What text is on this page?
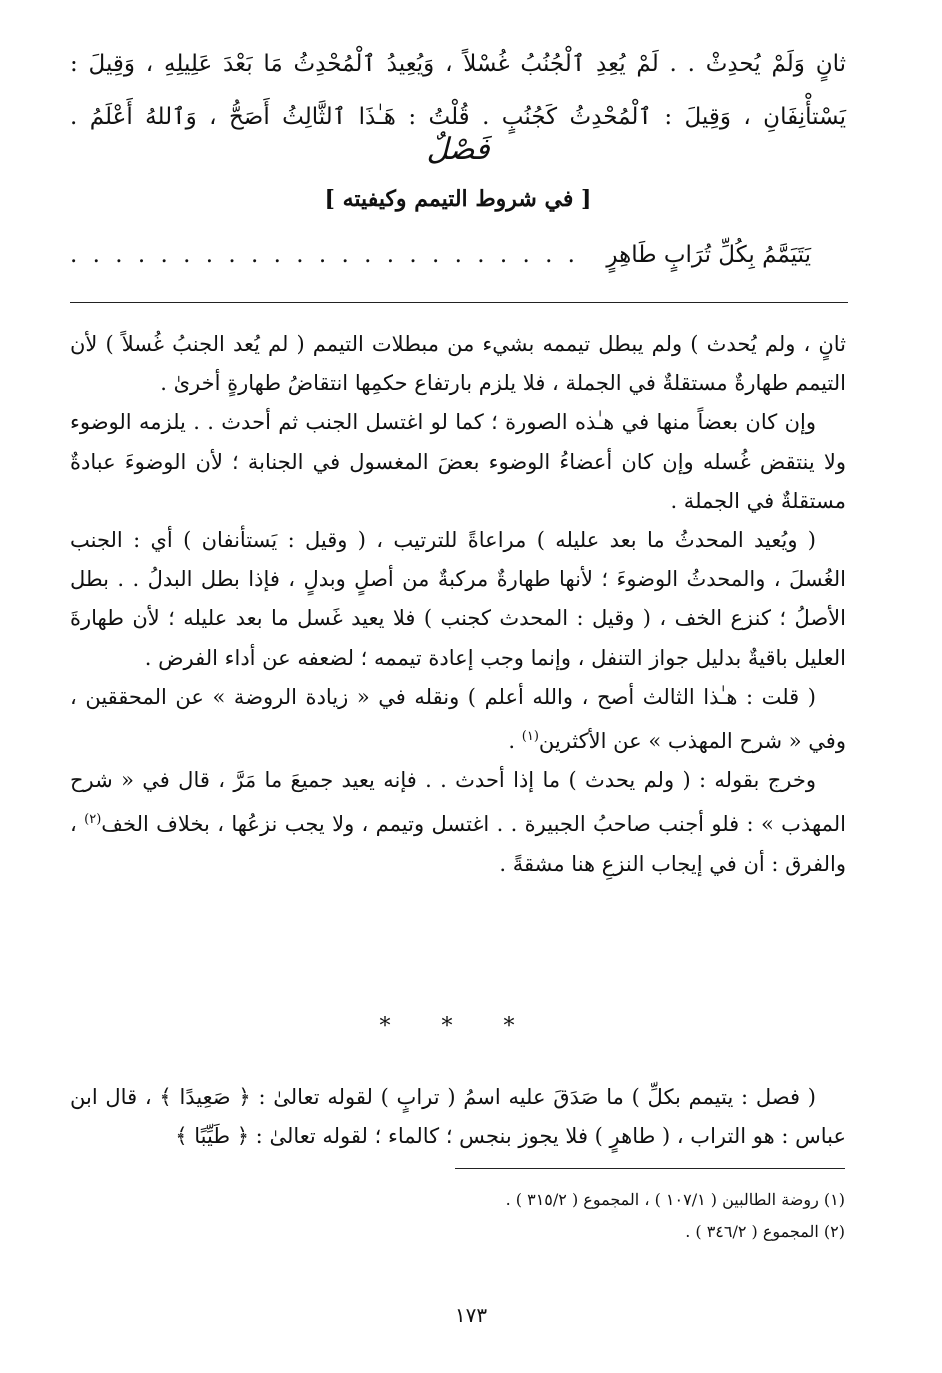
ثانٍ وَلَمْ يُحدِثْ . . لَمْ يُعِدِ ٱلْجُنُبُ غُسْلاً ، وَيُعِيدُ ٱلْمُحْدِثُ مَا بَعْدَ عَلِيلِهِ ، وَقِيلَ :
يَسْتأْنِفَانِ ، وَقِيلَ : ٱلْمُحْدِثُ كَجُنُبٍ . قُلْتُ : هَـٰذَا ٱلثَّالِثُ أَصَحُّ ، وَٱللهُ أَعْلَمُ .
فَصْلٌ
[ في شروط التيمم وكيفيته ]
يَتَيَمَّمُ بِكُلِّ تُرَابٍ طَاهِرٍ
. . . . . . . . . . . . . . . . . . . . . . .

ثانٍ ، ولم يُحدث ) ولم يبطل تيممه بشيء من مبطلات التيمم ( لم يُعد الجنبُ غُسلاً ) لأن التيمم طهارةٌ مستقلةٌ في الجملة ، فلا يلزم بارتفاع حكمِها انتقاضُ طهارةٍ أخرىٰ .

وإن كان بعضاً منها في هـٰذه الصورة ؛ كما لو اغتسل الجنب ثم أحدث . . يلزمه الوضوء ولا ينتقض غُسله وإن كان أعضاءُ الوضوء بعضَ المغسول في الجنابة ؛ لأن الوضوءَ عبادةٌ مستقلةٌ في الجملة .

( ويُعيد المحدثُ ما بعد عليله ) مراعاةً للترتيب ، ( وقيل : يَستأنفان ) أي : الجنب الغُسلَ ، والمحدثُ الوضوءَ ؛ لأنها طهارةٌ مركبةٌ من أصلٍ وبدلٍ ، فإذا بطل البدلُ . . بطل الأصلُ ؛ كنزع الخف ، ( وقيل : المحدث كجنب ) فلا يعيد غَسل ما بعد عليله ؛ لأن طهارةَ العليل باقيةٌ بدليل جواز التنفل ، وإنما وجب إعادة تيممه ؛ لضعفه عن أداء الفرض .

( قلت : هـٰذا الثالث أصح ، والله أعلم ) ونقله في « زيادة الروضة » عن المحققين ، وفي « شرح المهذب » عن الأكثرين$^{(١)}$ .

وخرج بقوله : ( ولم يحدث ) ما إذا أحدث . . فإنه يعيد جميعَ ما مَرَّ ، قال في « شرح المهذب » : فلو أجنب صاحبُ الجبيرة . . اغتسل وتيمم ، ولا يجب نزعُها ، بخلاف الخف$^{(٢)}$ ، والفرق : أن في إيجاب النزعِ هنا مشقةً .

* * *

( فصل : يتيمم بكلِّ ) ما صَدَقَ عليه اسمُ ( ترابٍ ) لقوله تعالىٰ : ﴿ صَعِيدًا ﴾ ، قال ابن عباس : هو التراب ، ( طاهرٍ ) فلا يجوز بنجس ؛ كالماء ؛ لقوله تعالىٰ : ﴿ طَيِّبًا ﴾

(١) روضة الطالبين ( ١٠٧/١ ) ، المجموع ( ٣١٥/٢ ) .
(٢) المجموع ( ٣٤٦/٢ ) .
١٧٣
